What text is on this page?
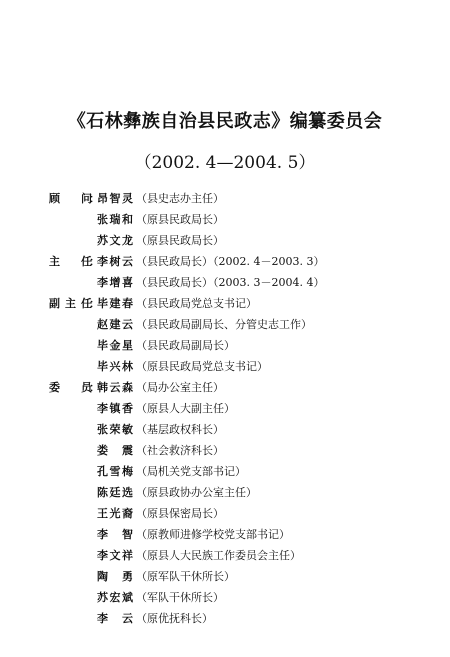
《石林彝族自治县民政志》编纂委员会
（2002. 4—2004. 5）
顾问
：
昂智灵 （县史志办主任）
张瑞和 （原县民政局长）
苏文龙 （原县民政局长）
主任
：
李树云 （县民政局长）（2002. 4－2003. 3）
李增喜 （县民政局长）（2003. 3－2004. 4）
副主任
：
毕建春 （县民政局党总支书记）
赵建云 （县民政局副局长、分管史志工作）
毕金星 （县民政局副局长）
毕兴林 （原县民政局党总支书记）
委员
：
韩云森 （局办公室主任）
李镇香 （原县人大副主任）
张荣敏 （基层政权科长）
娄震 （社会救济科长）
孔雪梅 （局机关党支部书记）
陈廷选 （原县政协办公室主任）
王光裔 （原县保密局长）
李智 （原教师进修学校党支部书记）
李文祥 （原县人大民族工作委员会主任）
陶勇 （原军队干休所长）
苏宏斌 （军队干休所长）
李云 （原优抚科长）
